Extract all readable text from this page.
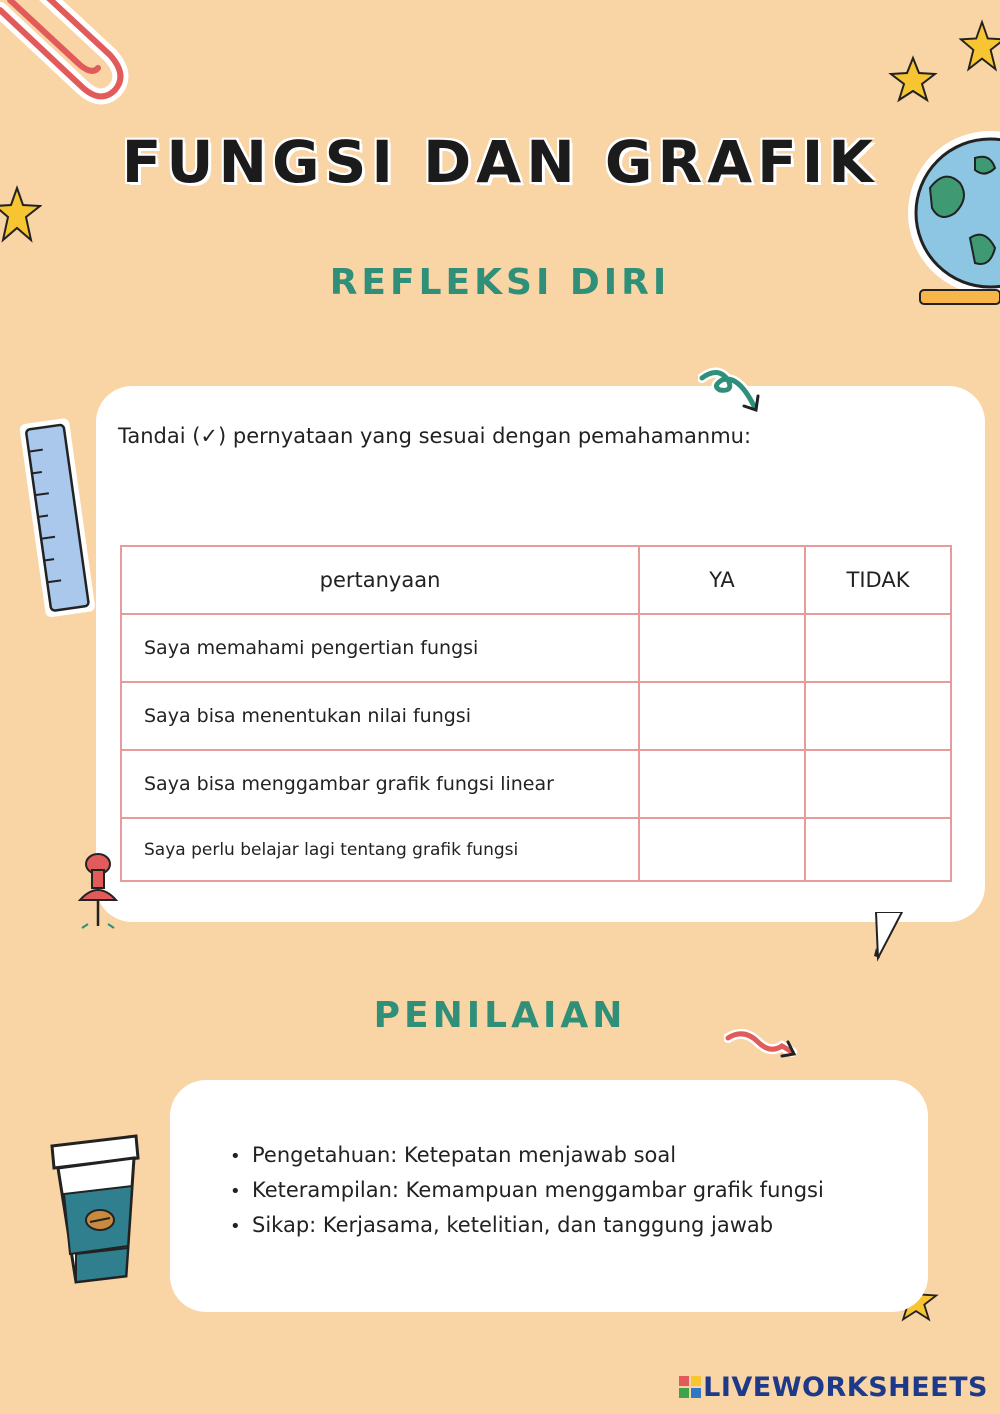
Tandai (✓) pernyataan yang sesuai dengan pemahamanmu:
pertanyaan	YA	TIDAK
Saya memahami pengertian fungsi		
Saya bisa menentukan nilai fungsi		
Saya bisa menggambar grafik fungsi linear		
Saya perlu belajar lagi tentang grafik fungsi		
FUNGSI DAN GRAFIK
REFLEKSI DIRI
PENILAIAN
• Pengetahuan: Ketepatan menjawab soal
• Keterampilan: Kemampuan menggambar grafik fungsi
• Sikap: Kerjasama, ketelitian, dan tanggung jawab
LIVEWORKSHEETS
